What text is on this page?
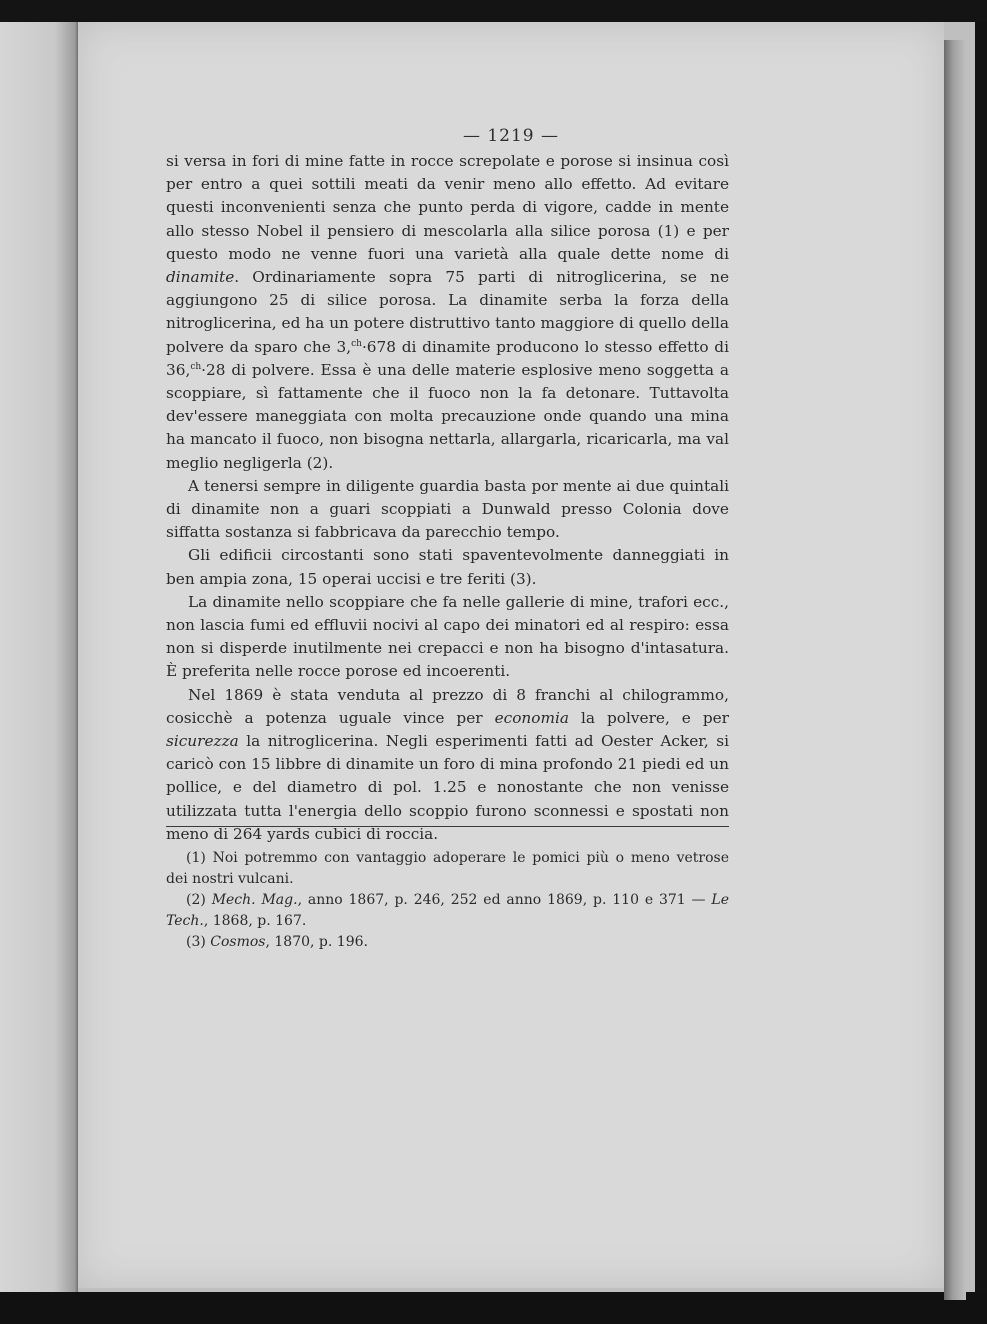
— 1219 —

si versa in fori di mine fatte in rocce screpolate e porose si insinua così per entro a quei sottili meati da venir meno allo effetto. Ad evitare questi inconvenienti senza che punto perda di vigore, cadde in mente allo stesso Nobel il pensiero di mescolarla alla silice porosa (1) e per questo modo ne venne fuori una varietà alla quale dette nome di dinamite. Ordinariamente sopra 75 parti di nitroglicerina, se ne aggiungono 25 di silice porosa. La dinamite serba la forza della nitroglicerina, ed ha un potere distruttivo tanto maggiore di quello della polvere da sparo che 3,$^{ch}$·678 di dinamite producono lo stesso effetto di 36,$^{ch}$·28 di polvere. Essa è una delle materie esplosive meno soggetta a scoppiare, sì fattamente che il fuoco non la fa detonare. Tuttavolta dev'essere maneggiata con molta precauzione onde quando una mina ha mancato il fuoco, non bisogna nettarla, allargarla, ricaricarla, ma val meglio negligerla (2).

A tenersi sempre in diligente guardia basta por mente ai due quintali di dinamite non a guari scoppiati a Dunwald presso Colonia dove siffatta sostanza si fabbricava da parecchio tempo.

Gli edificii circostanti sono stati spaventevolmente danneggiati in ben ampia zona, 15 operai uccisi e tre feriti (3).

La dinamite nello scoppiare che fa nelle gallerie di mine, trafori ecc., non lascia fumi ed effluvii nocivi al capo dei minatori ed al respiro: essa non si disperde inutilmente nei crepacci e non ha bisogno d'intasatura. È preferita nelle rocce porose ed incoerenti.

Nel 1869 è stata venduta al prezzo di 8 franchi al chilogrammo, cosicchè a potenza uguale vince per economia la polvere, e per sicurezza la nitroglicerina. Negli esperimenti fatti ad Oester Acker, si caricò con 15 libbre di dinamite un foro di mina profondo 21 piedi ed un pollice, e del diametro di pol. 1.25 e nonostante che non venisse utilizzata tutta l'energia dello scoppio furono sconnessi e spostati non meno di 264 yards cubici di roccia.

(1) Noi potremmo con vantaggio adoperare le pomici più o meno vetrose dei nostri vulcani.

(2) Mech. Mag., anno 1867, p. 246, 252 ed anno 1869, p. 110 e 371 — Le Tech., 1868, p. 167.

(3) Cosmos, 1870, p. 196.
